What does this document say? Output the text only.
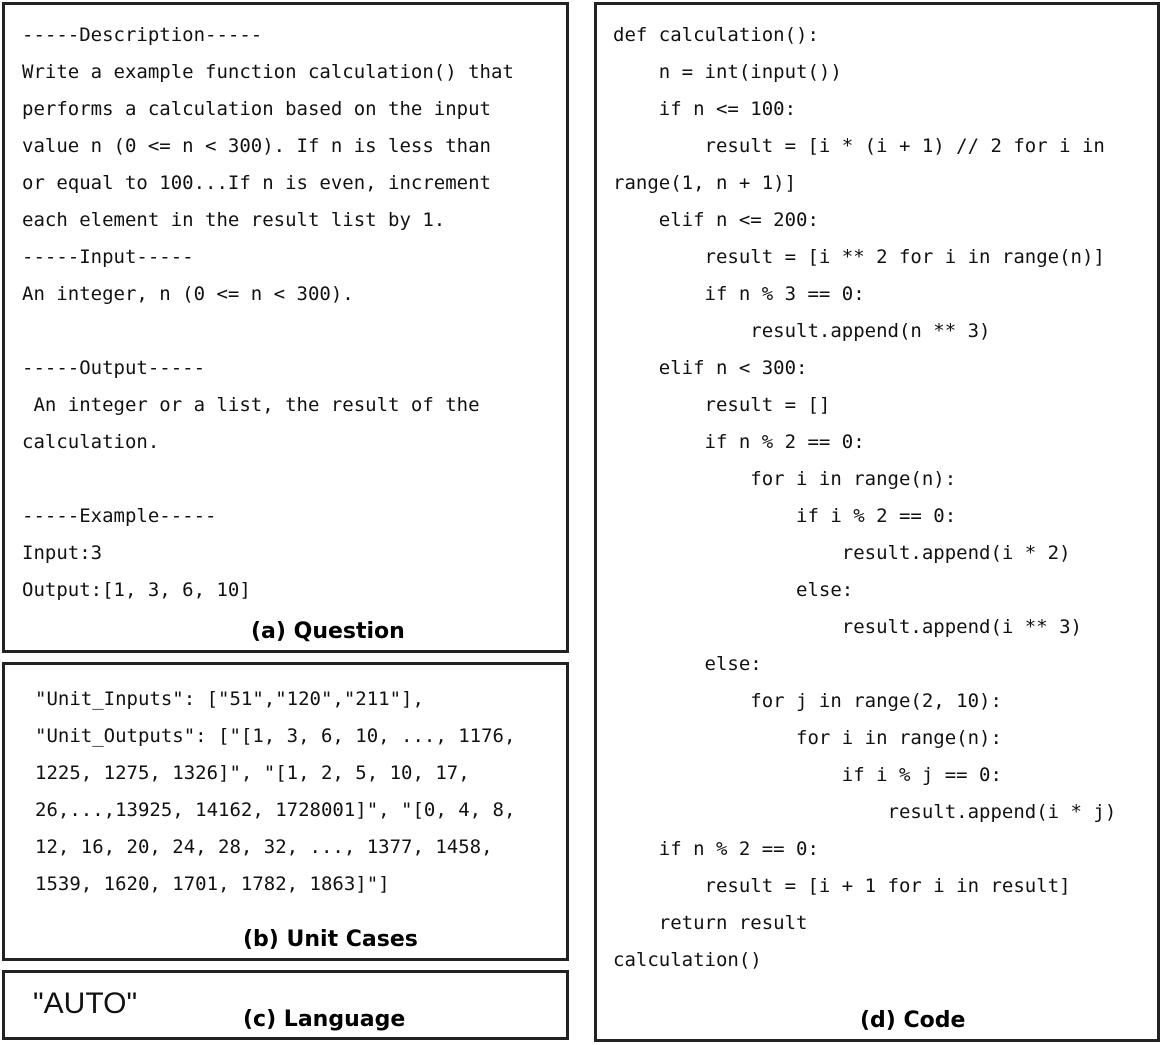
-----Description-----

Write a example function calculation() that

performs a calculation based on the input

value n (0 <= n < 300). If n is less than

or equal to 100...If n is even, increment

each element in the result list by 1.

-----Input-----

An integer, n (0 <= n < 300).

-----Output-----

An integer or a list, the result of the

calculation.

-----Example-----

Input:3

Output:[1, 3, 6, 10]

(a) Question

"Unit_Inputs": ["51","120","211"],

"Unit_Outputs": ["[1, 3, 6, 10, ..., 1176,

1225, 1275, 1326]", "[1, 2, 5, 10, 17,

26,...,13925, 14162, 1728001]", "[0, 4, 8,

12, 16, 20, 24, 28, 32, ..., 1377, 1458,

1539, 1620, 1701, 1782, 1863]"]

(b) Unit Cases
"AUTO"	(c) Language

def calculation():

n = int(input())

if n <= 100:

result = [i * (i + 1) // 2 for i in

range(1, n + 1)]

elif n <= 200:

result = [i ** 2 for i in range(n)]

if n % 3 == 0:

result.append(n ** 3)

elif n < 300:

result = []

if n % 2 == 0:

for i in range(n):

if i % 2 == 0:

result.append(i * 2)

else:

result.append(i ** 3)

else:

for j in range(2, 10):

for i in range(n):

if i % j == 0:

result.append(i * j)

if n % 2 == 0:

result = [i + 1 for i in result]

return result

calculation()

(d) Code
